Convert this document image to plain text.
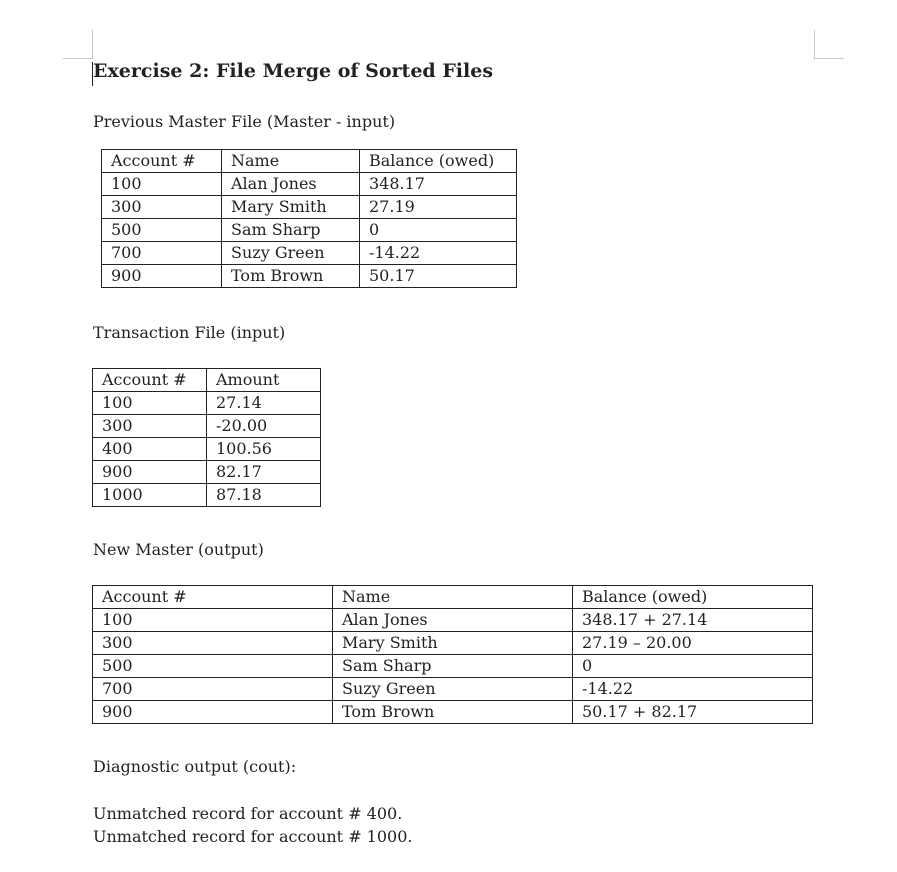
Exercise 2: File Merge of Sorted Files
Previous Master File (Master - input)
Account #	Name	Balance (owed)
100	Alan Jones	348.17
300	Mary Smith	27.19
500	Sam Sharp	0
700	Suzy Green	-14.22
900	Tom Brown	50.17
Transaction File (input)
Account #	Amount
100	27.14
300	-20.00
400	100.56
900	82.17
1000	87.18
New Master (output)
Account #	Name	Balance (owed)
100	Alan Jones	348.17 + 27.14
300	Mary Smith	27.19 – 20.00
500	Sam Sharp	0
700	Suzy Green	-14.22
900	Tom Brown	50.17 + 82.17
Diagnostic output (cout):
Unmatched record for account # 400.
Unmatched record for account # 1000.
